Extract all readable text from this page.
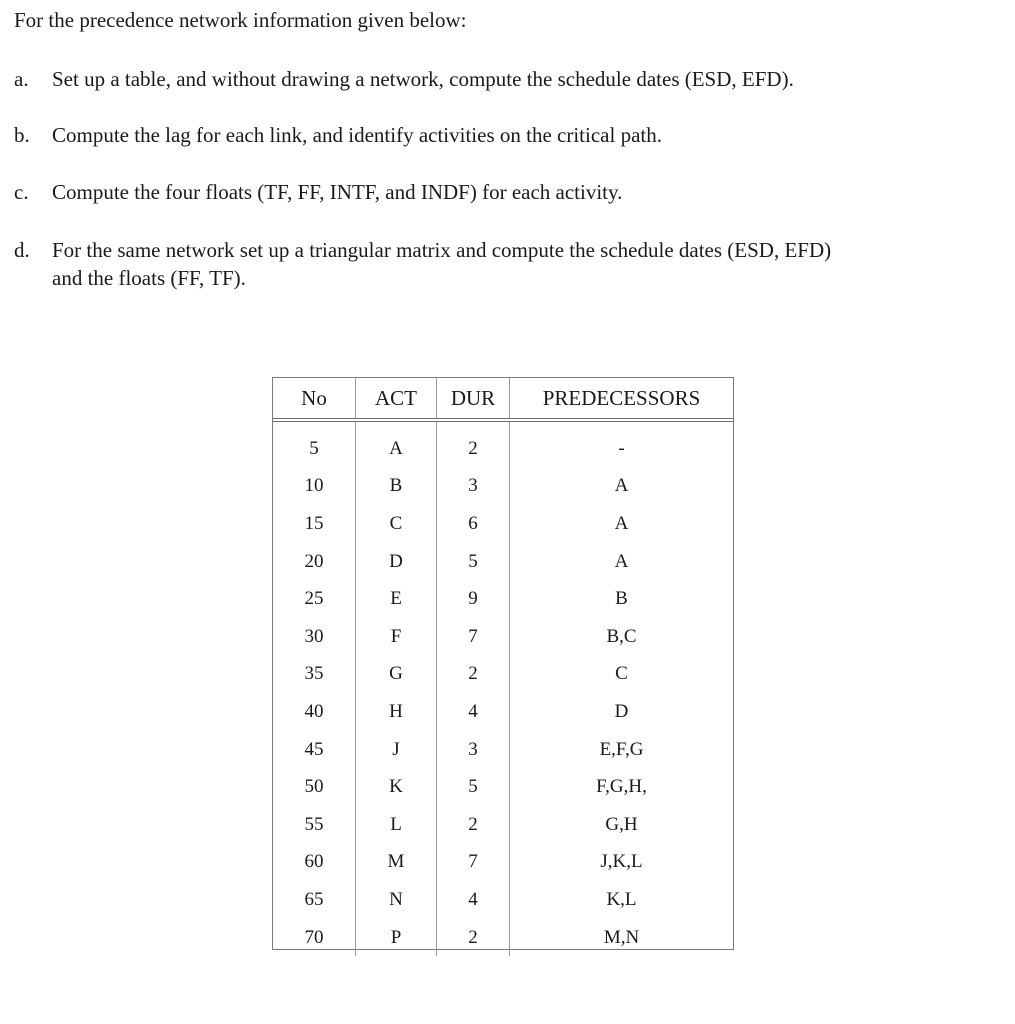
For the precedence network information given below:
a. Set up a table, and without drawing a network, compute the schedule dates (ESD, EFD).
b. Compute the lag for each link, and identify activities on the critical path.
c. Compute the four floats (TF, FF, INTF, and INDF) for each activity.
d. For the same network set up a triangular matrix and compute the schedule dates (ESD, EFD)
and the floats (FF, TF).
No	ACT	DUR	PREDECESSORS
5	A	2	-
10	B	3	A
15	C	6	A
20	D	5	A
25	E	9	B
30	F	7	B,C
35	G	2	C
40	H	4	D
45	J	3	E,F,G
50	K	5	F,G,H,
55	L	2	G,H
60	M	7	J,K,L
65	N	4	K,L
70	P	2	M,N
